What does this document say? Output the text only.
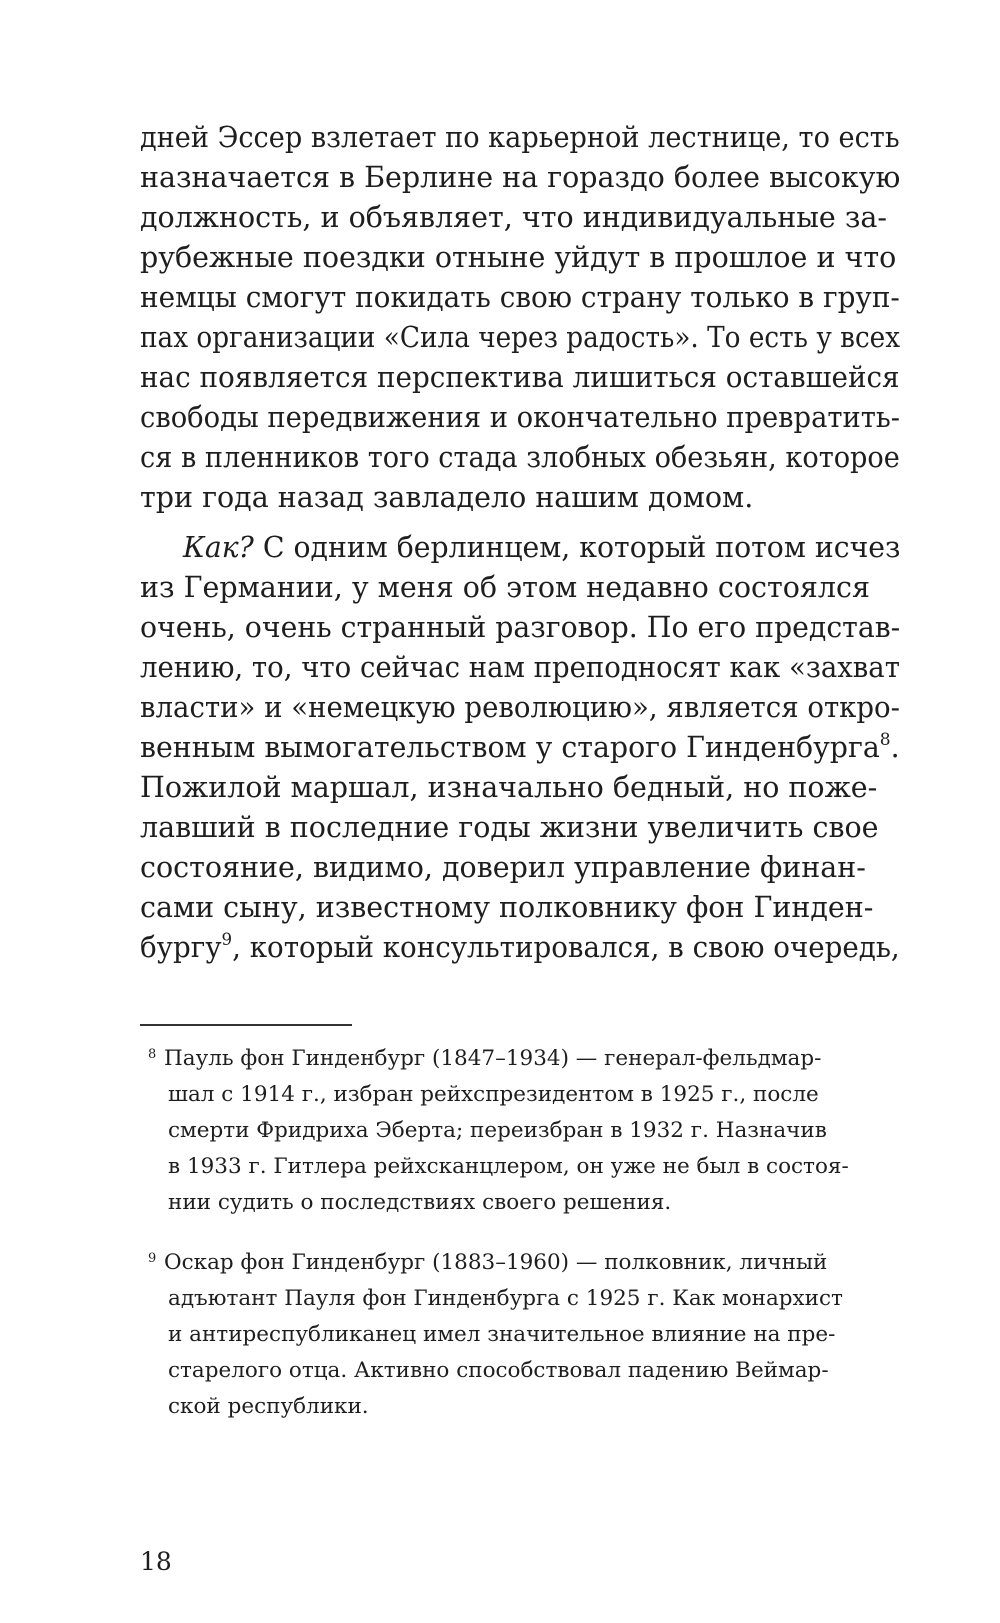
дней Эссер взлетает по карьерной лестнице, то есть
назначается в Берлине на гораздо более высокую
должность, и объявляет, что индивидуальные за-
рубежные поездки отныне уйдут в прошлое и что
немцы смогут покидать свою страну только в груп-
пах организации «Сила через радость». То есть у всех
нас появляется перспектива лишиться оставшейся
свободы передвижения и окончательно превратить-
ся в пленников того стада злобных обезьян, которое
три года назад завладело нашим домом.
Как? С одним берлинцем, который потом исчез
из Германии, у меня об этом недавно состоялся
очень, очень странный разговор. По его представ-
лению, то, что сейчас нам преподносят как «захват
власти» и «немецкую революцию», является откро-
венным вымогательством у старого Гинденбурга$^8$.
Пожилой маршал, изначально бедный, но поже-
лавший в последние годы жизни увеличить свое
состояние, видимо, доверил управление финан-
сами сыну, известному полковнику фон Гинден-
бургу$^9$, который консультировался, в свою очередь,
8 Пауль фон Гинденбург (1847–1934) — генерал-фельдмар-
шал с 1914 г., избран рейхспрезидентом в 1925 г., после
смерти Фридриха Эберта; переизбран в 1932 г. Назначив
в 1933 г. Гитлера рейхсканцлером, он уже не был в состоя-
нии судить о последствиях своего решения.
9 Оскар фон Гинденбург (1883–1960) — полковник, личный
адъютант Пауля фон Гинденбурга с 1925 г. Как монархист
и антиреспубликанец имел значительное влияние на пре-
старелого отца. Активно способствовал падению Веймар-
ской республики.
18
